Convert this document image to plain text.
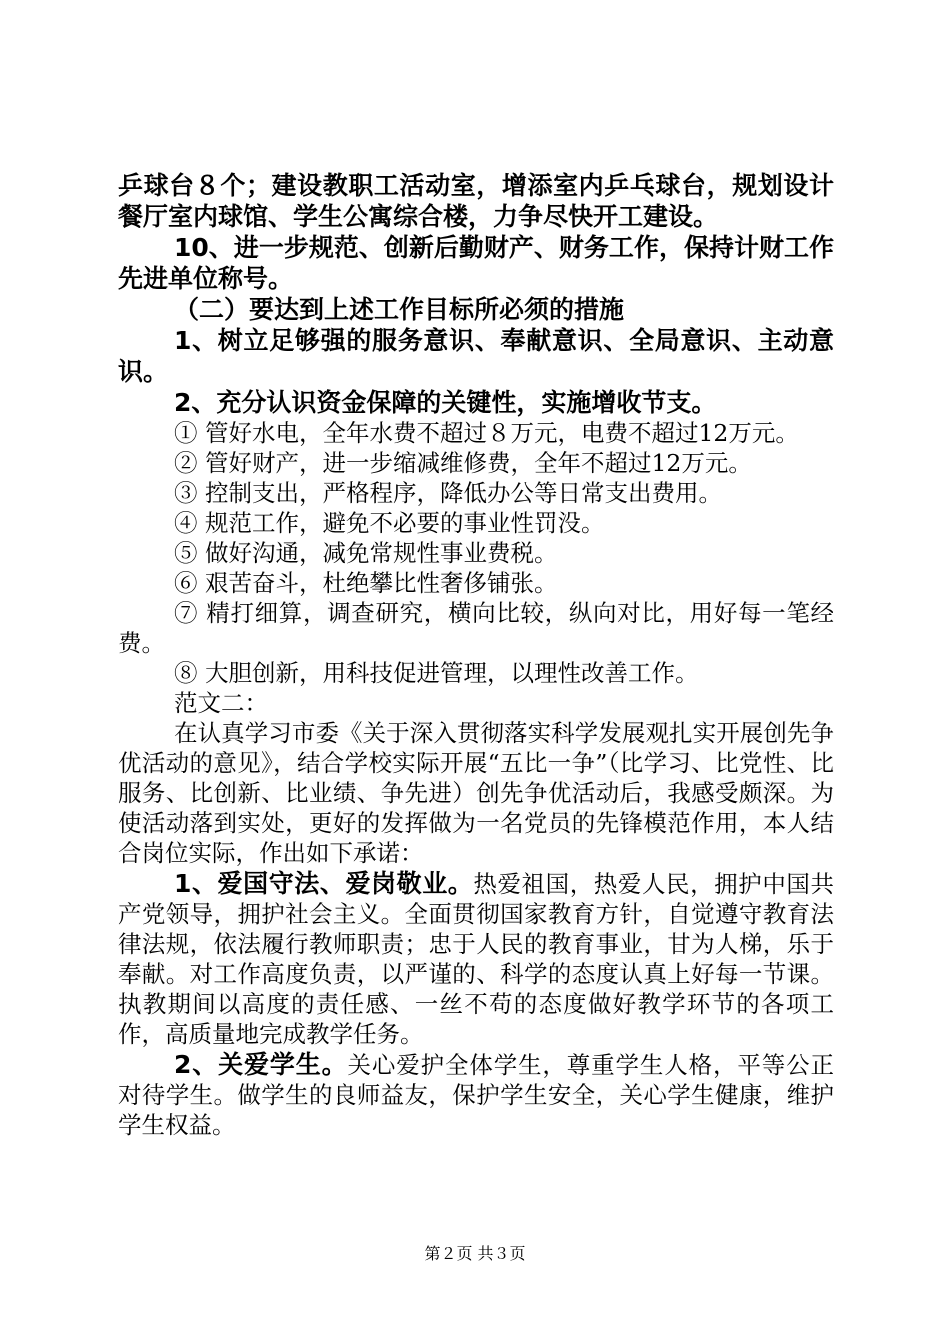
乒球台８个；建设教职工活动室，增添室内乒乓球台，规划设计餐厅室内球馆、学生公寓综合楼，力争尽快开工建设。

10、进一步规范、创新后勤财产、财务工作，保持计财工作先进单位称号。

（二）要达到上述工作目标所必须的措施

1、树立足够强的服务意识、奉献意识、全局意识、主动意识。

2、充分认识资金保障的关键性，实施增收节支。

① 管好水电，全年水费不超过８万元，电费不超过12万元。

② 管好财产，进一步缩减维修费，全年不超过12万元。

③ 控制支出，严格程序，降低办公等日常支出费用。

④ 规范工作，避免不必要的事业性罚没。

⑤ 做好沟通，减免常规性事业费税。

⑥ 艰苦奋斗，杜绝攀比性奢侈铺张。

⑦ 精打细算，调查研究，横向比较，纵向对比，用好每一笔经费。

⑧ 大胆创新，用科技促进管理，以理性改善工作。

范文二：

在认真学习市委《关于深入贯彻落实科学发展观扎实开展创先争优活动的意见》，结合学校实际开展“五比一争”（比学习、比党性、比服务、比创新、比业绩、争先进）创先争优活动后，我感受颇深。为使活动落到实处，更好的发挥做为一名党员的先锋模范作用，本人结合岗位实际，作出如下承诺：

1、爱国守法、爱岗敬业。热爱祖国，热爱人民，拥护中国共产党领导，拥护社会主义。全面贯彻国家教育方针，自觉遵守教育法律法规，依法履行教师职责；忠于人民的教育事业，甘为人梯，乐于奉献。对工作高度负责，以严谨的、科学的态度认真上好每一节课。执教期间以高度的责任感、一丝不苟的态度做好教学环节的各项工作，高质量地完成教学任务。

2、关爱学生。关心爱护全体学生，尊重学生人格，平等公正对待学生。做学生的良师益友，保护学生安全，关心学生健康，维护学生权益。

第２页 共３页
